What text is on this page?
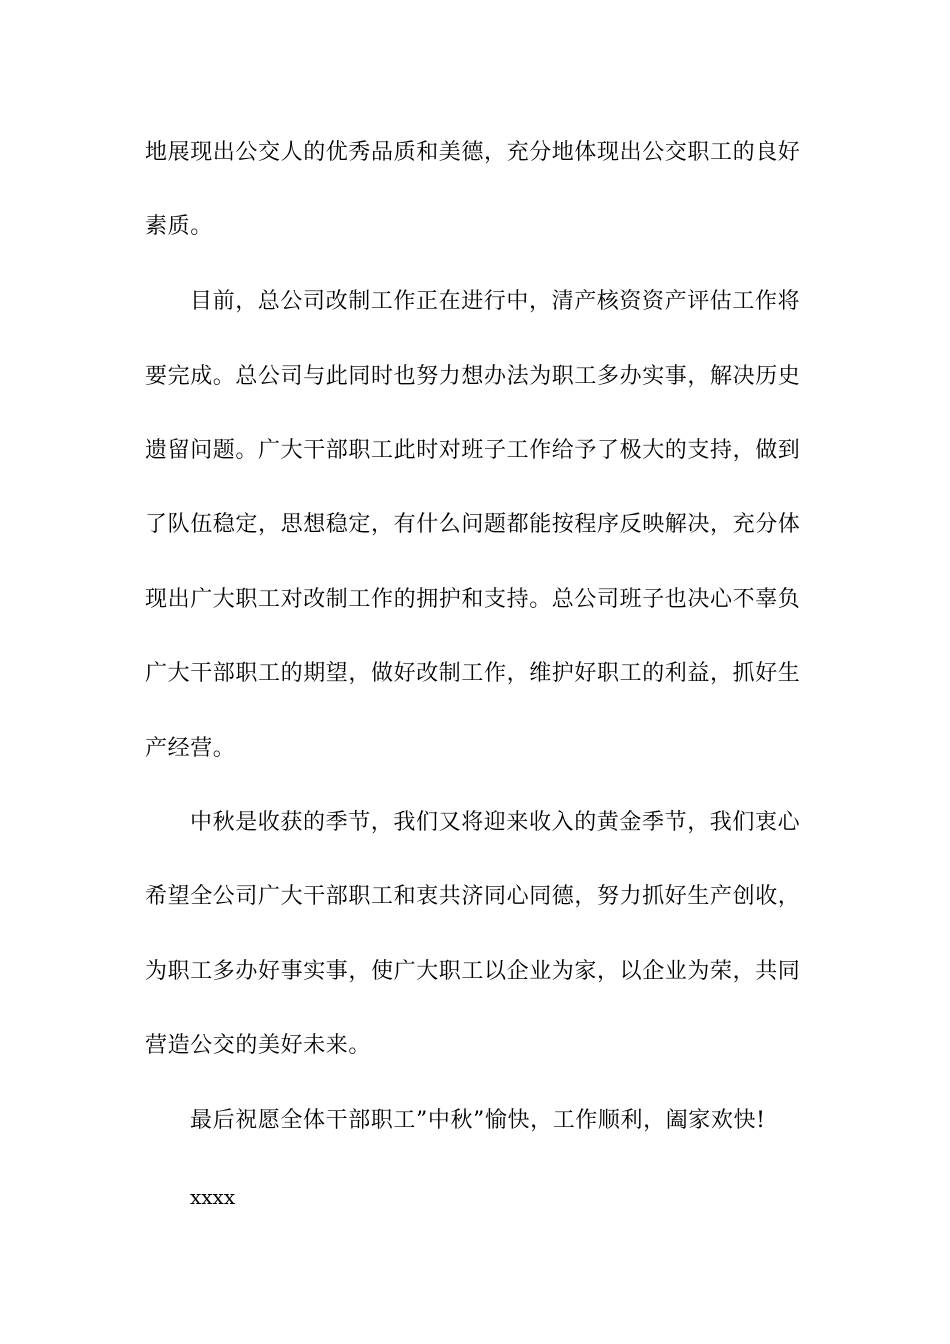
地展现出公交人的优秀品质和美德，充分地体现出公交职工的良好
素质。
目前，总公司改制工作正在进行中，清产核资资产评估工作将
要完成。总公司与此同时也努力想办法为职工多办实事，解决历史
遗留问题。广大干部职工此时对班子工作给予了极大的支持，做到
了队伍稳定，思想稳定，有什么问题都能按程序反映解决，充分体
现出广大职工对改制工作的拥护和支持。总公司班子也决心不辜负
广大干部职工的期望，做好改制工作，维护好职工的利益，抓好生
产经营。
中秋是收获的季节，我们又将迎来收入的黄金季节，我们衷心
希望全公司广大干部职工和衷共济同心同德，努力抓好生产创收，
为职工多办好事实事，使广大职工以企业为家，以企业为荣，共同
营造公交的美好未来。
最后祝愿全体干部职工”中秋”愉快，工作顺利，阖家欢快!
xxxx
